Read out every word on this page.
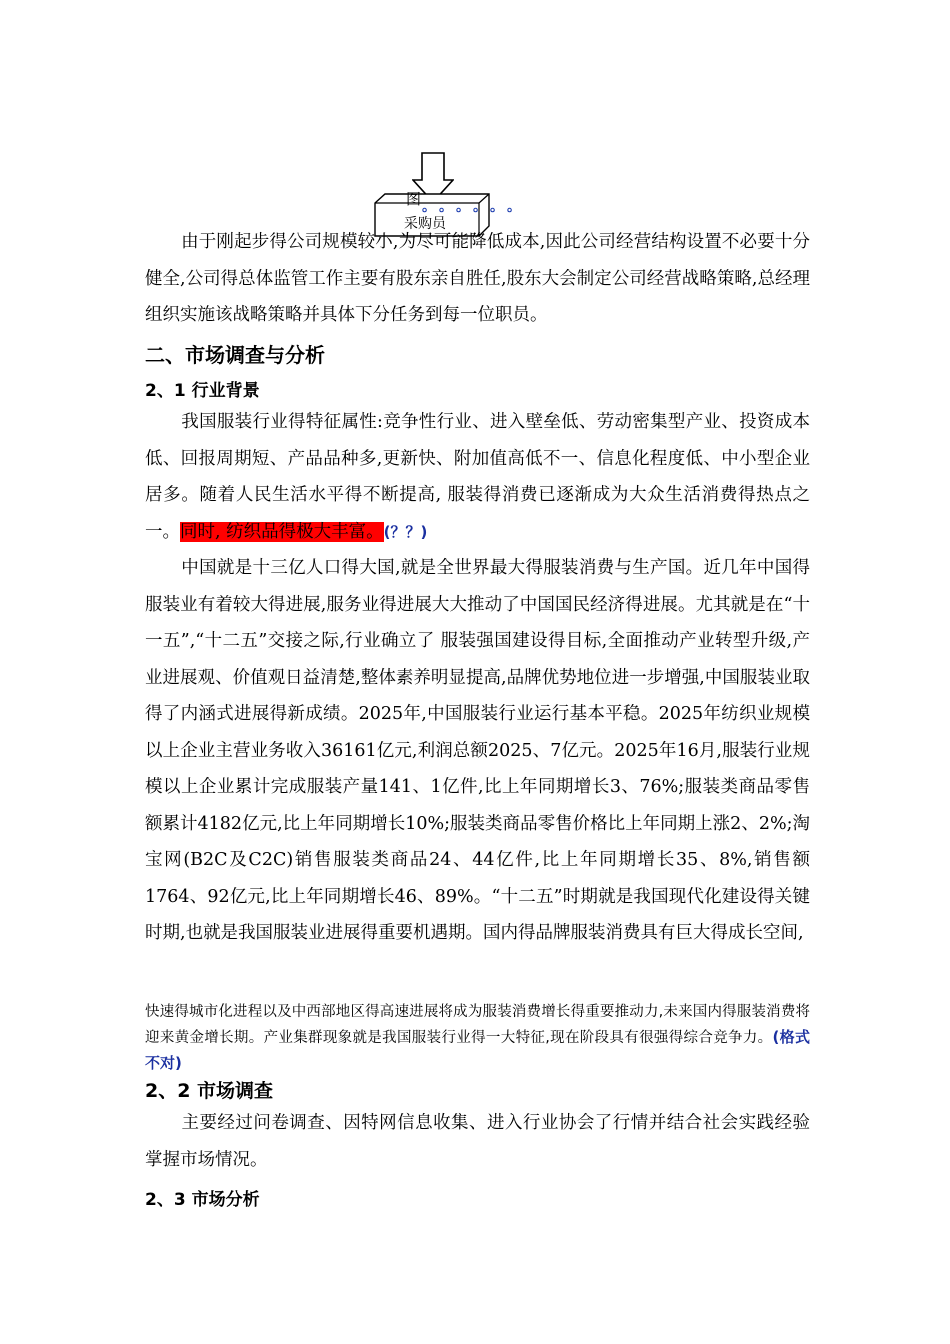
图 。。。。。。
采购员
由于刚起步得公司规模较小,为尽可能降低成本,因此公司经营结构设置不必要十分健全,公司得总体监管工作主要有股东亲自胜任,股东大会制定公司经营战略策略,总经理组织实施该战略策略并具体下分任务到每一位职员。
二、市场调查与分析
2、1 行业背景
我国服装行业得特征属性:竞争性行业、进入壁垒低、劳动密集型产业、投资成本低、回报周期短、产品品种多,更新快、附加值高低不一、信息化程度低、中小型企业居多。随着人民生活水平得不断提高, 服装得消费已逐渐成为大众生活消费得热点之一。同时, 纺织品得极大丰富。(？？)
中国就是十三亿人口得大国,就是全世界最大得服装消费与生产国。近几年中国得服装业有着较大得进展,服务业得进展大大推动了中国国民经济得进展。尤其就是在“十一五”,“十二五”交接之际,行业确立了 服装强国建设得目标,全面推动产业转型升级,产业进展观、价值观日益清楚,整体素养明显提高,品牌优势地位进一步增强,中国服装业取得了内涵式进展得新成绩。2025年,中国服装行业运行基本平稳。2025年纺织业规模以上企业主营业务收入36161亿元,利润总额2025、7亿元。2025年16月,服装行业规模以上企业累计完成服装产量141、1亿件,比上年同期增长3、76%;服装类商品零售额累计4182亿元,比上年同期增长10%;服装类商品零售价格比上年同期上涨2、2%;淘宝网(B2C及C2C)销售服装类商品24、44亿件,比上年同期增长35、8%,销售额1764、92亿元,比上年同期增长46、89%。“十二五”时期就是我国现代化建设得关键时期,也就是我国服装业进展得重要机遇期。国内得品牌服装消费具有巨大得成长空间,
快速得城市化进程以及中西部地区得高速进展将成为服装消费增长得重要推动力,未来国内得服装消费将迎来黄金增长期。产业集群现象就是我国服装行业得一大特征,现在阶段具有很强得综合竞争力。(格式不对)
2、2 市场调查
主要经过问卷调查、因特网信息收集、进入行业协会了行情并结合社会实践经验掌握市场情况。
2、3 市场分析
